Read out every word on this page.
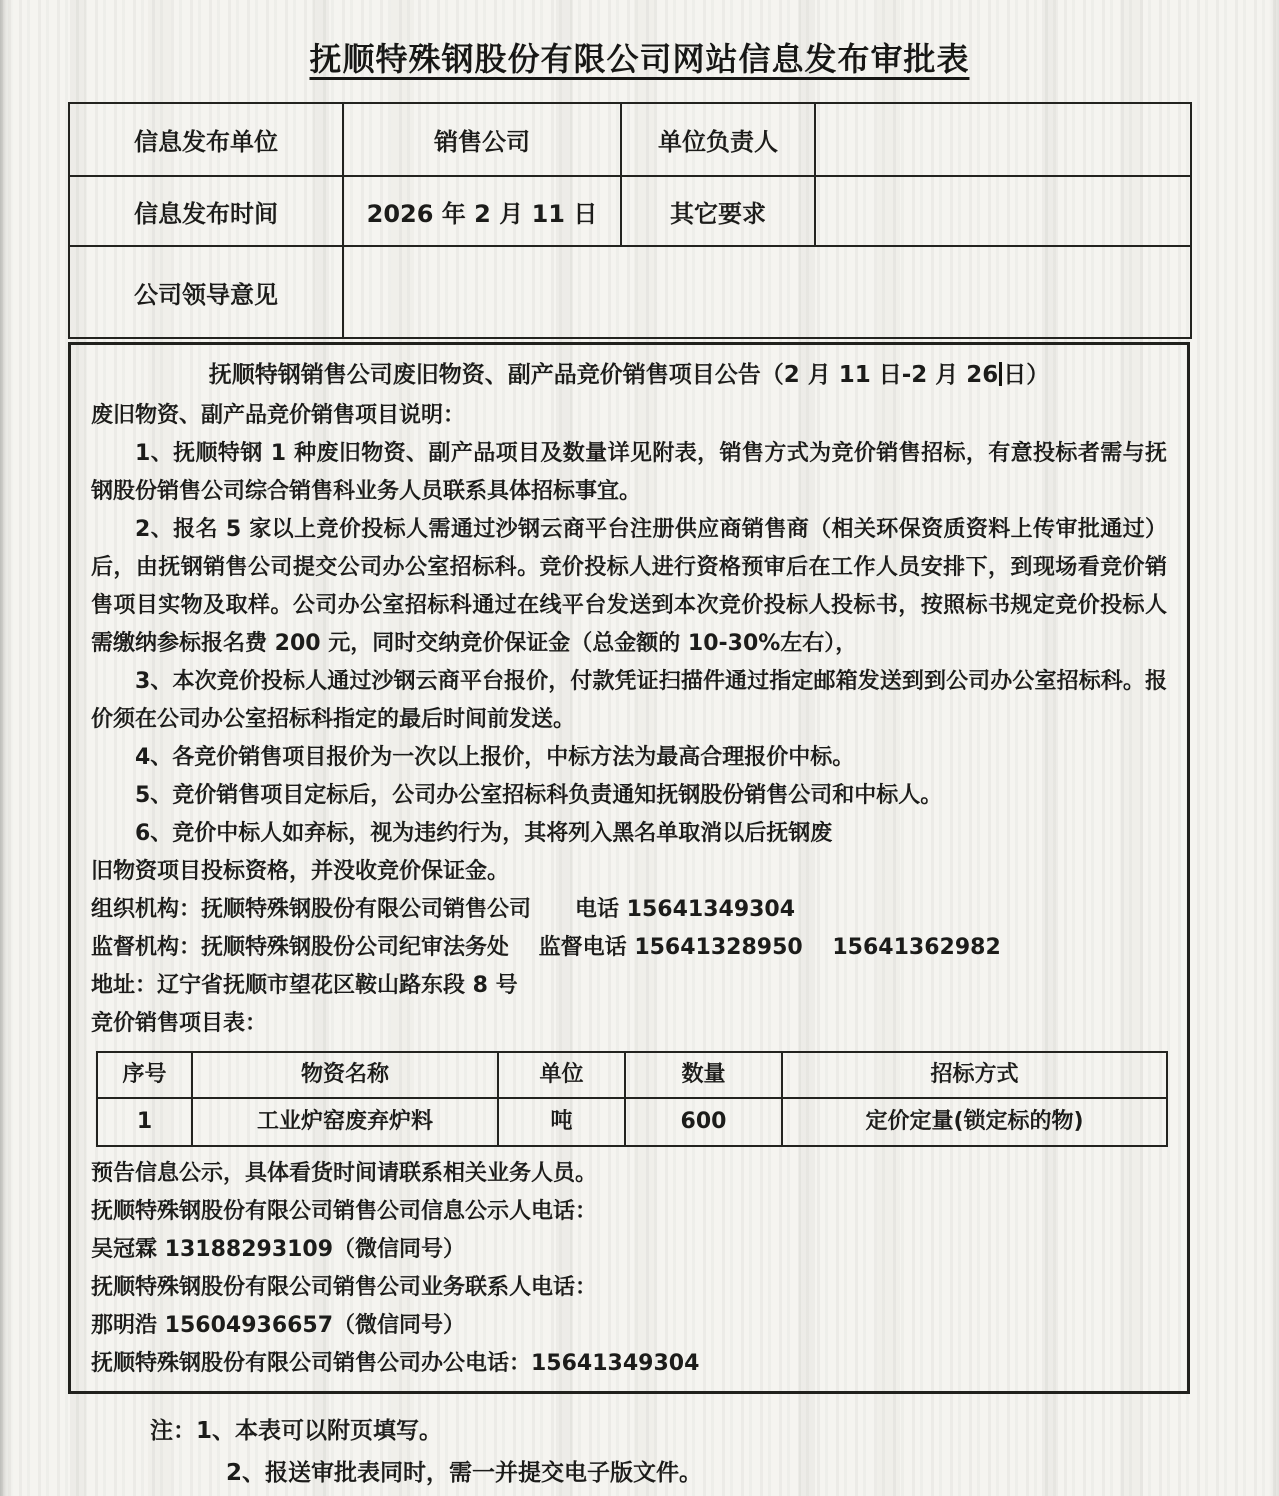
抚顺特殊钢股份有限公司网站信息发布审批表
信息发布单位	销售公司	单位负责人	
信息发布时间	2026 年 2 月 11 日	其它要求	
公司领导意见			
抚顺特钢销售公司废旧物资、副产品竞价销售项目公告（2 月 11 日-2 月 26 日）

废旧物资、副产品竞价销售项目说明：

1、抚顺特钢 1 种废旧物资、副产品项目及数量详见附表，销售方式为竞价销售招标，有意投标者需与抚钢股份销售公司综合销售科业务人员联系具体招标事宜。

2、报名 5 家以上竞价投标人需通过沙钢云商平台注册供应商销售商（相关环保资质资料上传审批通过）后，由抚钢销售公司提交公司办公室招标科。竞价投标人进行资格预审后在工作人员安排下，到现场看竞价销售项目实物及取样。公司办公室招标科通过在线平台发送到本次竞价投标人投标书，按照标书规定竞价投标人需缴纳参标报名费 200 元，同时交纳竞价保证金（总金额的 10-30%左右），

3、本次竞价投标人通过沙钢云商平台报价，付款凭证扫描件通过指定邮箱发送到到公司办公室招标科。报价须在公司办公室招标科指定的最后时间前发送。

4、各竞价销售项目报价为一次以上报价，中标方法为最高合理报价中标。

5、竞价销售项目定标后，公司办公室招标科负责通知抚钢股份销售公司和中标人。

6、竞价中标人如弃标，视为违约行为，其将列入黑名单取消以后抚钢废

旧物资项目投标资格，并没收竞价保证金。

组织机构：抚顺特殊钢股份有限公司销售公司　　电话 15641349304

监督机构：抚顺特殊钢股份公司纪审法务处　 监督电话 15641328950　 15641362982

地址：辽宁省抚顺市望花区鞍山路东段 8 号

竞价销售项目表：

序号	物资名称	单位	数量	招标方式
1	工业炉窑废弃炉料	吨	600	定价定量(锁定标的物)

预告信息公示，具体看货时间请联系相关业务人员。

抚顺特殊钢股份有限公司销售公司信息公示人电话：

吴冠霖 13188293109（微信同号）

抚顺特殊钢股份有限公司销售公司业务联系人电话：

那明浩 15604936657（微信同号）

抚顺特殊钢股份有限公司销售公司办公电话：15641349304

注： 1、本表可以附页填写。
2、报送审批表同时，需一并提交电子版文件。
